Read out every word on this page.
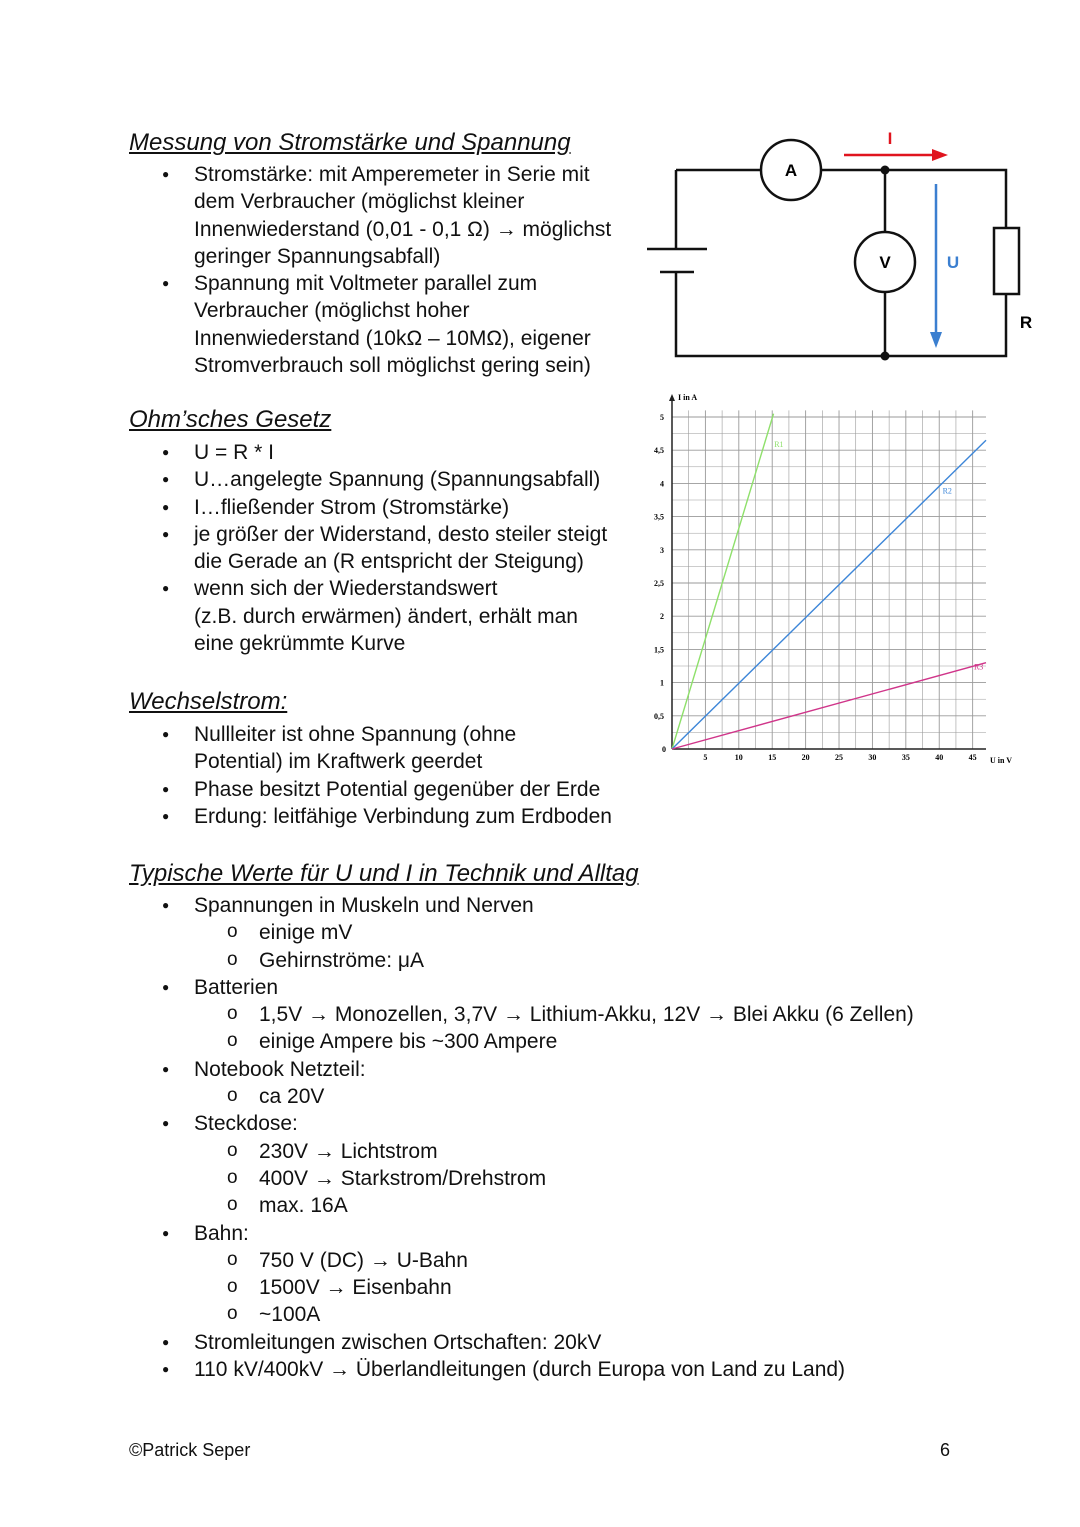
Messung von Stromstärke und Spannung
● Stromstärke: mit Amperemeter in Serie mit
dem Verbraucher (möglichst kleiner
Innenwiederstand (0,01 - 0,1 Ω) → möglichst
geringer Spannungsabfall)
● Spannung mit Voltmeter parallel zum
Verbraucher (möglichst hoher
Innenwiederstand (10kΩ – 10MΩ), eigener
Stromverbrauch soll möglichst gering sein)
Ohm’sches Gesetz
● U = R * I
● U…angelegte Spannung (Spannungsabfall)
● I…fließender Strom (Stromstärke)
● je größer der Widerstand, desto steiler steigt
die Gerade an (R entspricht der Steigung)
● wenn sich der Wiederstandswert
(z.B. durch erwärmen) ändert, erhält man
eine gekrümmte Kurve
Wechselstrom:
● Nullleiter ist ohne Spannung (ohne
Potential) im Kraftwerk geerdet
● Phase besitzt Potential gegenüber der Erde
● Erdung: leitfähige Verbindung zum Erdboden
Typische Werte für U und I in Technik und Alltag
● Spannungen in Muskeln und Nerven
o einige mV
o Gehirnströme: μA
● Batterien
o 1,5V → Monozellen, 3,7V → Lithium-Akku, 12V → Blei Akku (6 Zellen)
o einige Ampere bis ~300 Ampere
● Notebook Netzteil:
o ca 20V
● Steckdose:
o 230V → Lichtstrom
o 400V → Starkstrom/Drehstrom
o max. 16A
● Bahn:
o 750 V (DC) → U-Bahn
o 1500V → Eisenbahn
o ~100A
● Stromleitungen zwischen Ortschaften: 20kV
● 110 kV/400kV → Überlandleitungen (durch Europa von Land zu Land)
A
V
R
I
U
5	10	15	20	25	30	35	40	45
0
0,5
1
1,5
2
2,5
3
3,5
4
4,5
5
I in A
U in V
R1
R2
R3
©Patrick Seper	6
